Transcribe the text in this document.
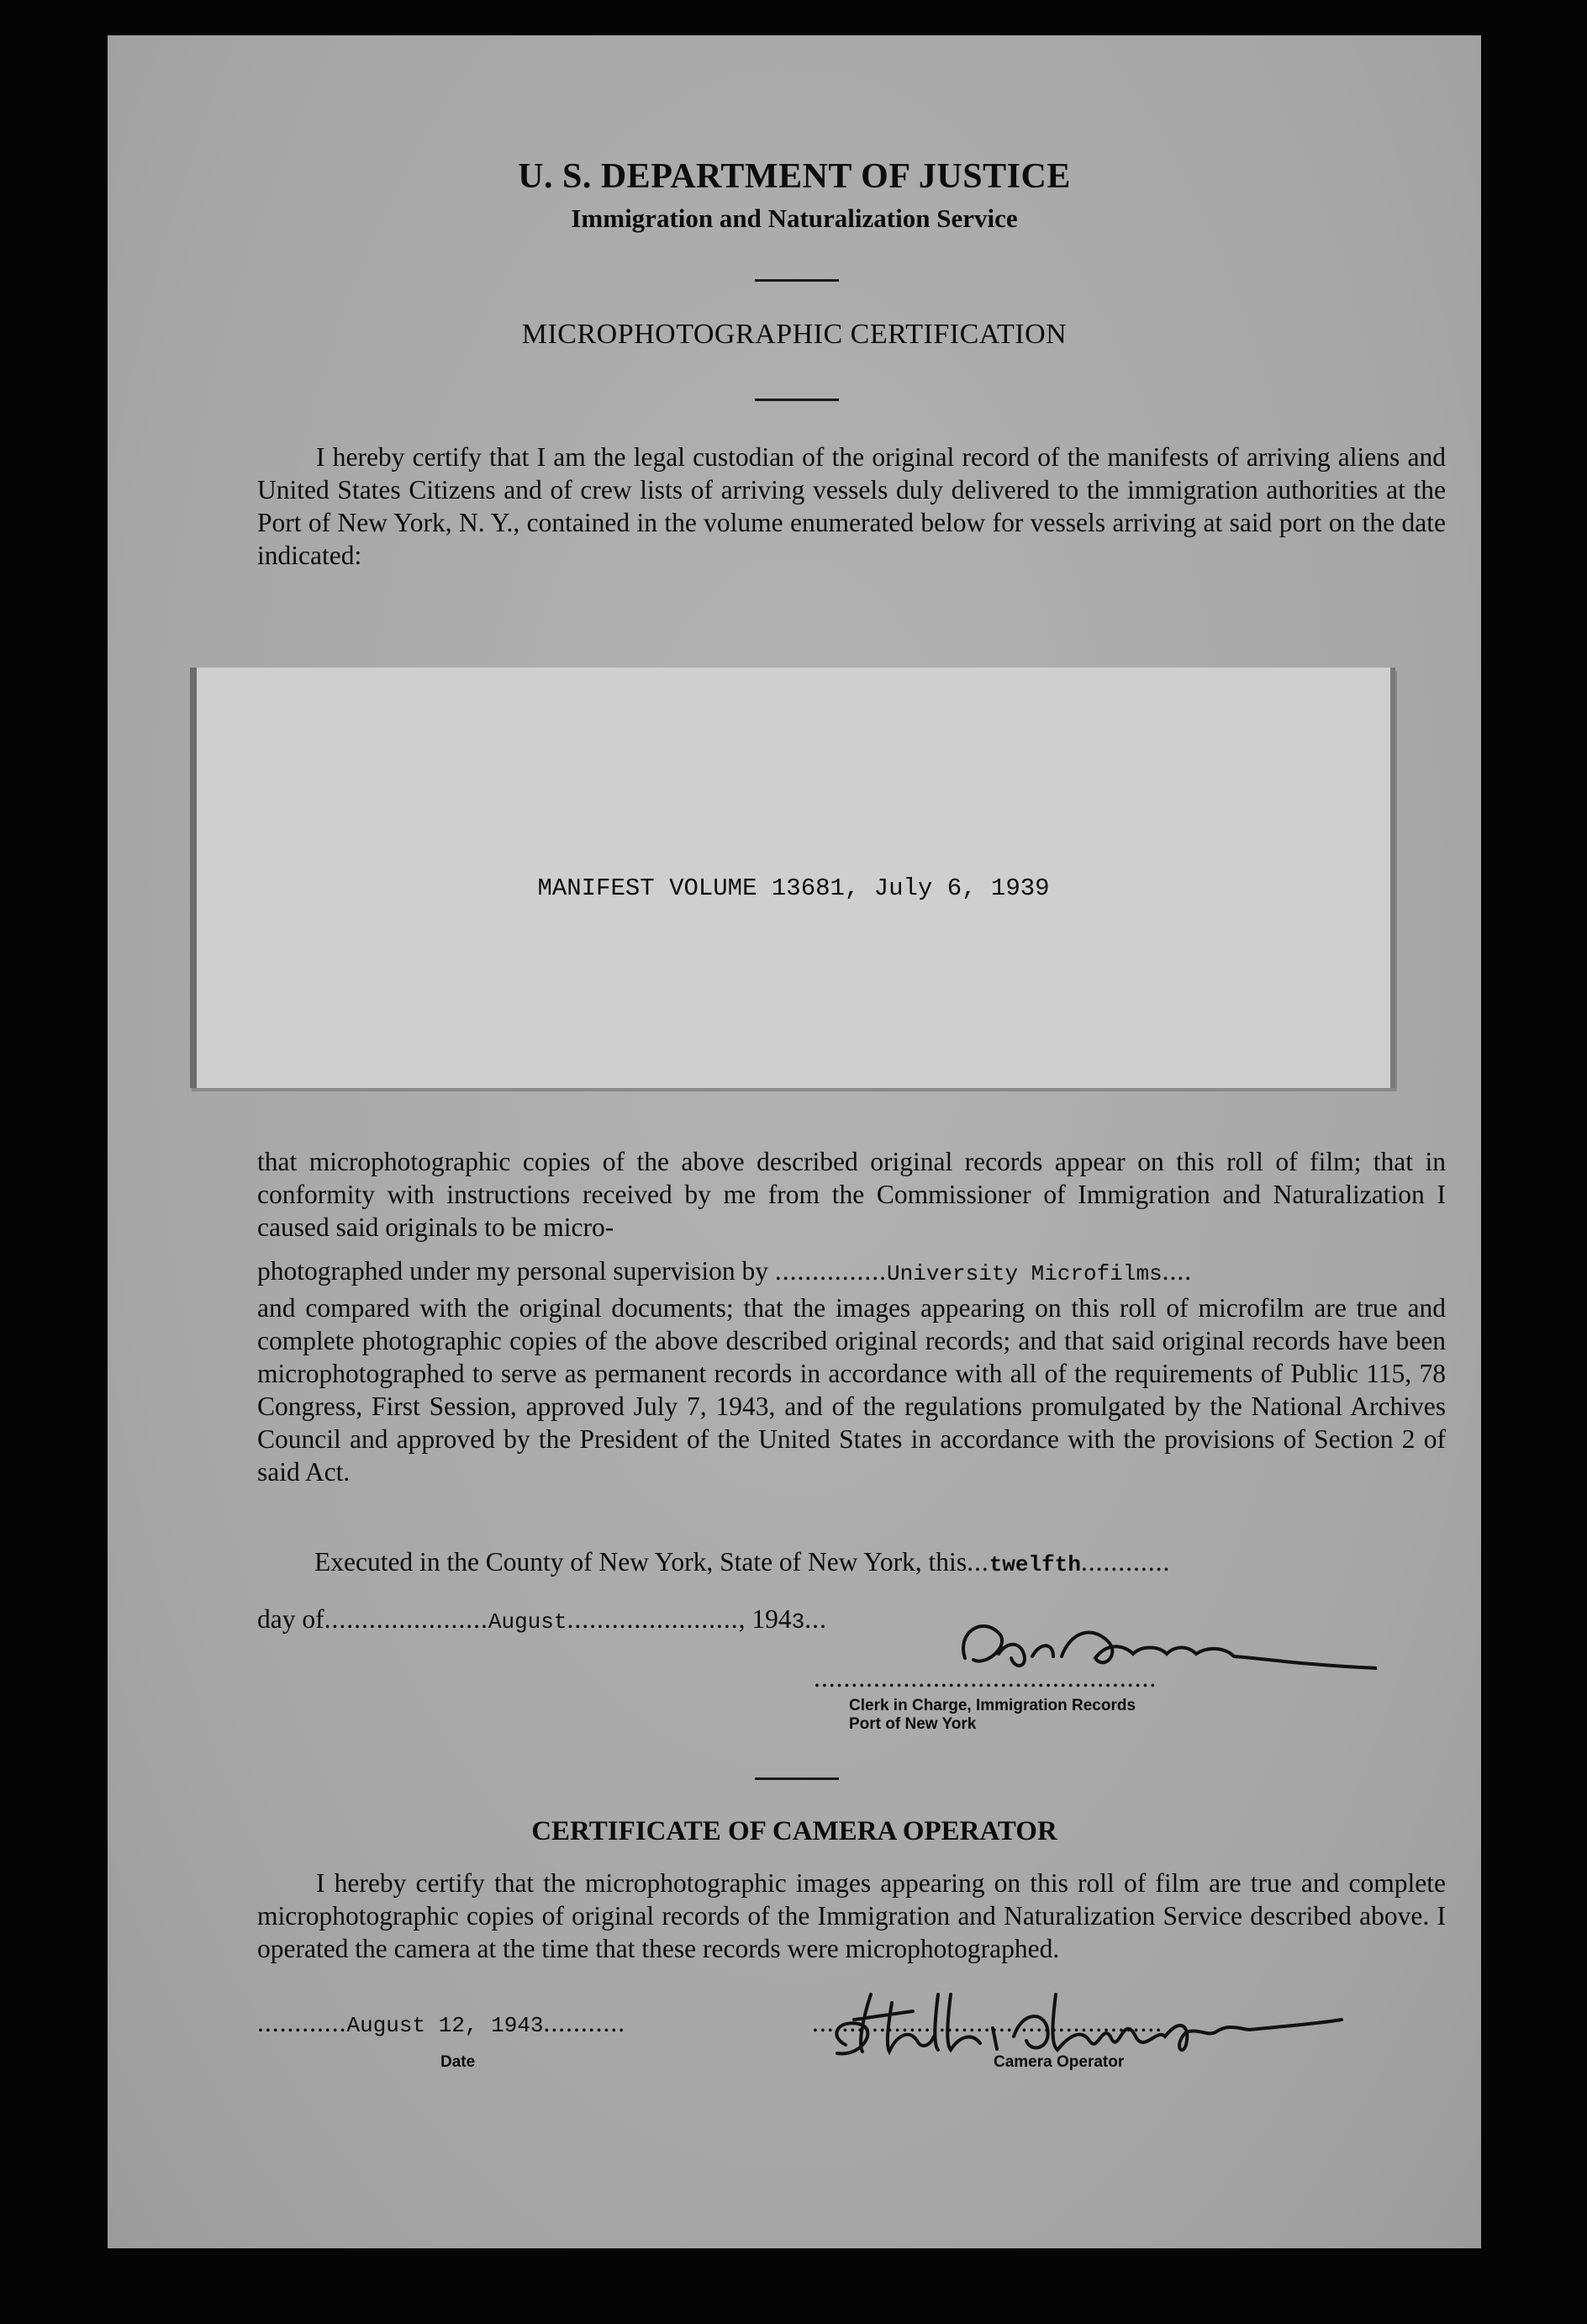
U. S. DEPARTMENT OF JUSTICE
Immigration and Naturalization Service
MICROPHOTOGRAPHIC CERTIFICATION
I hereby certify that I am the legal custodian of the original record of the manifests of arriving aliens and United States Citizens and of crew lists of arriving vessels duly delivered to the immigration authorities at the Port of New York, N. Y., contained in the volume enumerated below for vessels arriving at said port on the date indicated:
MANIFEST VOLUME 13681, July 6, 1939
that microphotographic copies of the above described original records appear on this roll of film; that in conformity with instructions received by me from the Commissioner of Immigration and Naturalization I caused said originals to be micro-
photographed under my personal supervision by ...............University Microfilms....
and compared with the original documents; that the images appearing on this roll of microfilm are true and complete photographic copies of the above described original records; and that said original records have been microphotographed to serve as permanent records in accordance with all of the requirements of Public 115, 78 Congress, First Session, approved July 7, 1943, and of the regulations promulgated by the National Archives Council and approved by the President of the United States in accordance with the provisions of Section 2 of said Act.
Executed in the County of New York, State of New York, this...twelfth............
day of......................August......................., 1943...
..............................................
Clerk in Charge, Immigration Records
Port of New York
CERTIFICATE OF CAMERA OPERATOR
I hereby certify that the microphotographic images appearing on this roll of film are true and complete microphotographic copies of original records of the Immigration and Naturalization Service described above. I operated the camera at the time that these records were microphotographed.
............August 12, 1943...........
Date
...............................................
Camera Operator
